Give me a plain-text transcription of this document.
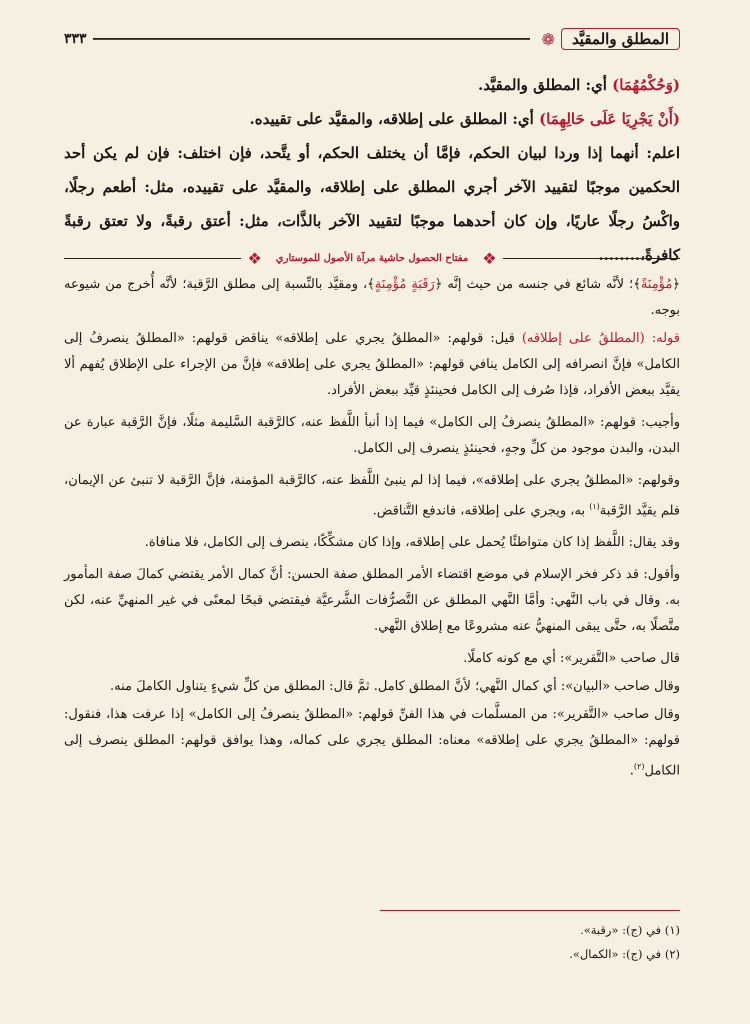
المطلق والمقيَّد
❁
٣٣٣

(وَحُكْمُهُمَا) أي: المطلق والمقيَّد.

(أَنْ يَجْرِيَا عَلَى حَالِهِمَا) أي: المطلق على إطلاقه، والمقيَّد على تقييده.

اعلم: أنهما إذا وردا لبيان الحكم، فإمَّا أن يختلف الحكم، أو يتَّحد، فإن اختلف: فإن لم يكن أحد الحكمين موجبًا لتقييد الآخر أجري المطلق على إطلاقه، والمقيَّد على تقييده، مثل: أطعم رجلًا، واكْسُ رجلًا عاريًا، وإن كان أحدهما موجبًا لتقييد الآخر بالذَّات، مثل: أعتق رقبةً، ولا تعتق رقبةً كافرةً،........

❖
مفتاح الحصول حاشية مرآة الأصول للموستاري
❖

﴿مُؤْمِنَةً﴾؛ لأنَّه شائع في جنسه من حيث إنَّه ﴿رَقَبَةٍ مُؤْمِنَةٍ﴾، ومقيَّد بالنِّسبة إلى مطلق الرَّقبة؛ لأنَّه أُخرج من شيوعه بوجه.

قوله: (المطلقُ على إطلاقه) قيل: قولهم: «المطلقُ يجري على إطلاقه» يناقض قولهم: «المطلقُ ينصرفُ إلى الكامل» فإنَّ انصرافه إلى الكامل ينافي قولهم: «المطلقُ يجري على إطلاقه» فإنَّ من الإجراء على الإطلاق يُفهم ألا يقيَّد ببعض الأفراد، فإذا صُرف إلى الكامل فحينئذٍ قيِّد ببعض الأفراد.

وأجيب: قولهم: «المطلقُ ينصرفُ إلى الكامل» فيما إذا أنبأ اللَّفظ عنه، كالرَّقبة السَّليمة مثلًا، فإنَّ الرَّقبة عبارة عن البدن، والبدن موجود من كلِّ وجهٍ، فحينئذٍ ينصرف إلى الكامل.

وقولهم: «المطلقُ يجري على إطلاقه»، فيما إذا لم ينبئ اللَّفظ عنه، كالرَّقبة المؤمنة، فإنَّ الرَّقبة لا تنبئ عن الإيمان، فلم يقيَّد الرَّقبة$^{(١)}$ به، ويجري على إطلاقه، فاندفع التَّناقض.

وقد يقال: اللَّفظ إذا كان متواطئًا يُحمل على إطلاقه، وإذا كان مشكِّكًا، ينصرف إلى الكامل، فلا منافاة.

وأقول: قد ذكر فخر الإسلام في موضع اقتضاء الأمر المطلق صفة الحسن: أنَّ كمال الأمر يقتضي كمالَ صفة المأمور به. وقال في باب النَّهي: وأمَّا النَّهي المطلق عن التَّصرُّفات الشَّرعيَّة فيقتضي قبحًا لمعنًى في غير المنهيِّ عنه، لكن متَّصلًا به، حتَّى يبقى المنهيُّ عنه مشروعًا مع إطلاق النَّهي.

قال صاحب «التَّقرير»: أي مع كونه كاملًا.

وقال صاحب «البيان»: أي كمال النَّهي؛ لأنَّ المطلق كامل. ثمَّ قال: المطلق من كلِّ شيءٍ يتناول الكاملَ منه.

وقال صاحب «التَّقرير»: من المسلَّمات في هذا الفنِّ قولهم: «المطلقُ ينصرفُ إلى الكامل» إذا عرفت هذا، فنقول: قولهم: «المطلقُ يجري على إطلاقه» معناه: المطلق يجري على كماله، وهذا يوافق قولهم: المطلق ينصرف إلى الكامل$^{(٢)}$.

(١) في (ج): «رقبة».

(٢) في (ج): «الكمال».
